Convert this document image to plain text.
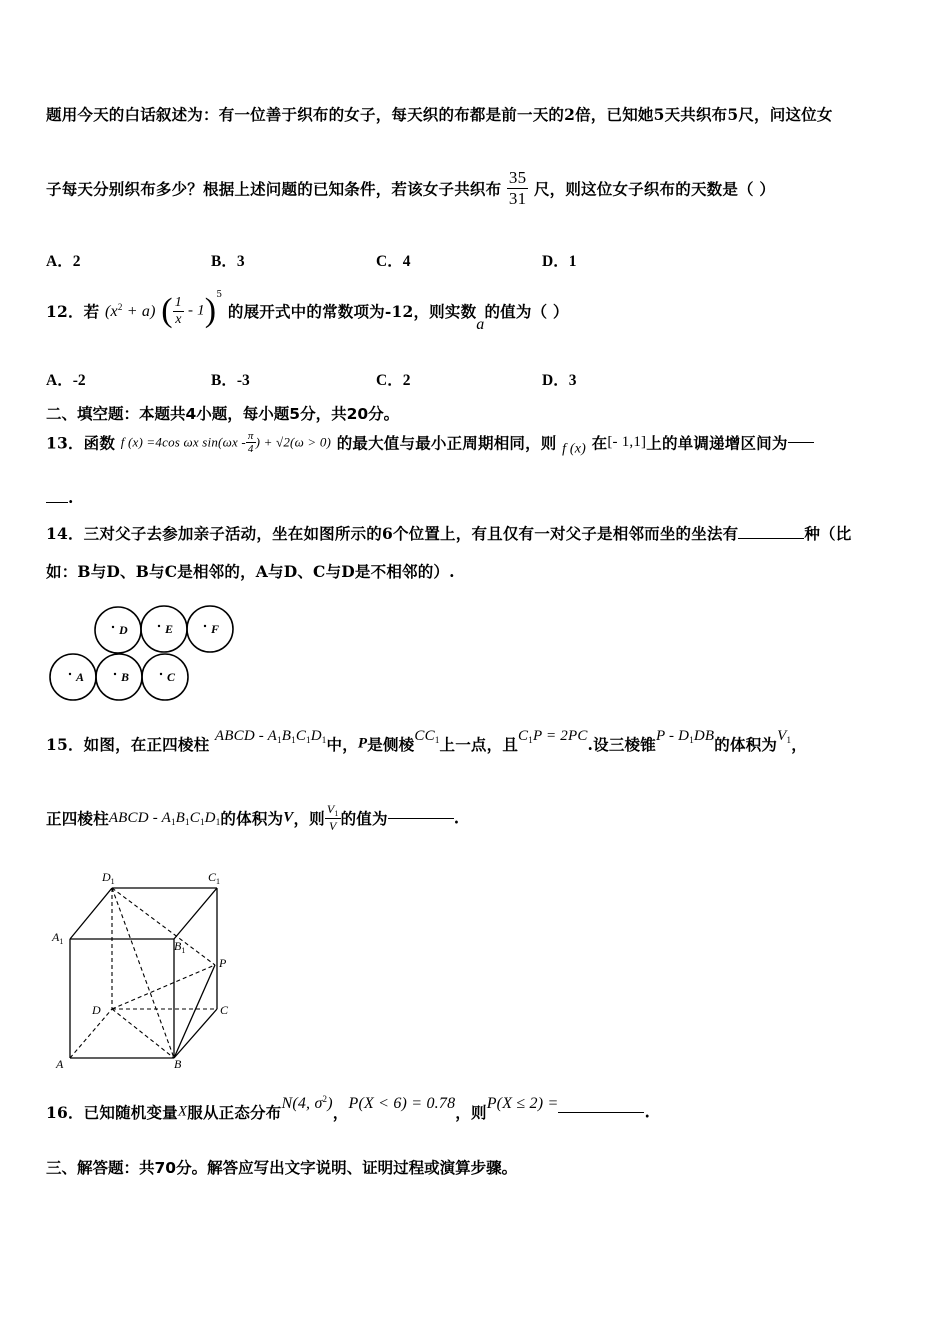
题用今天的白话叙述为：有一位善于织布的女子，每天织的布都是前一天的2倍，已知她5天共织布5尺，问这位女
子每天分别织布多少？根据上述问题的已知条件，若该女子共织布 $\frac{35}{31}$ 尺，则这位女子织布的天数是（ ）
A．2	B．3	C．4	D．1
12．若 $(x^2 + a)$ ( $\frac{1}{x} - 1)^5$ 的展开式中的常数项为-12，则实数a的值为（ ）
A．-2	B．-3	C．2	D．3
二、填空题：本题共4小题，每小题5分，共20分。
13．函数 f (x) =4cos ωx $\sin(\omega x - \frac{\pi}{4}$ ) + √2(ω > 0) 的最大值与最小正周期相同，则 f (x) 在[- 1,1]上的单调递增区间为
.
14．三对父子去参加亲子活动，坐在如图所示的6个位置上，有且仅有一对父子是相邻而坐的坐法有	种（比
如：B与D、B与C是相邻的，A与D、C与D是不相邻的）.
D	E	F
A	B	C
15．如图，在正四棱柱 ABCD - $A_1B_1C_1D_1$中，P是侧棱$CC_1$上一点，且$C_1P = 2PC$.设三棱锥P - $D_1DB$的体积为$V_1$，
正四棱柱ABCD - $A_1B_1C_1D_1$的体积为V，则 $\frac{V_1}{V}$ 的值为	.
$D_1$	$C_1$
$A_1$	$B_1$
P
D	C
A	B
16．已知随机变量X服从正态分布N(4, $\sigma^2$)，P(X < 6) = 0.78，则P(X ≤ 2) =	.
三、解答题：共70分。解答应写出文字说明、证明过程或演算步骤。
